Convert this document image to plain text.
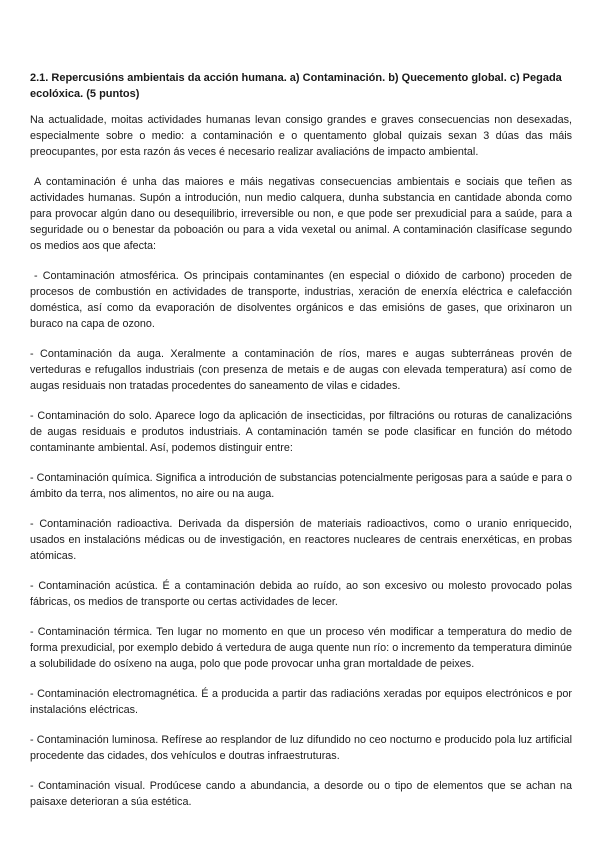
2.1. Repercusións ambientais da acción humana. a) Contaminación. b) Quecemento global. c) Pegada ecolóxica. (5 puntos)

Na actualidade, moitas actividades humanas levan consigo grandes e graves consecuencias non desexadas, especialmente sobre o medio: a contaminación e o quentamento global quizais sexan 3 dúas das máis preocupantes, por esta razón ás veces é necesario realizar avaliacións de impacto ambiental.

A contaminación é unha das maiores e máis negativas consecuencias ambientais e sociais que teñen as actividades humanas. Supón a introdución, nun medio calquera, dunha substancia en cantidade abonda como para provocar algún dano ou desequilibrio, irreversible ou non, e que pode ser prexudicial para a saúde, para a seguridade ou o benestar da poboación ou para a vida vexetal ou animal. A contaminación clasifícase segundo os medios aos que afecta:

- Contaminación atmosférica. Os principais contaminantes (en especial o dióxido de carbono) proceden de procesos de combustión en actividades de transporte, industrias, xeración de enerxía eléctrica e calefacción doméstica, así como da evaporación de disolventes orgánicos e das emisións de gases, que orixinaron un buraco na capa de ozono.

- Contaminación da auga. Xeralmente a contaminación de ríos, mares e augas subterráneas provén de verteduras e refugallos industriais (con presenza de metais e de augas con elevada temperatura) así como de augas residuais non tratadas procedentes do saneamento de vilas e cidades.

- Contaminación do solo. Aparece logo da aplicación de insecticidas, por filtracións ou roturas de canalizacións de augas residuais e produtos industriais. A contaminación tamén se pode clasificar en función do método contaminante ambiental. Así, podemos distinguir entre:

- Contaminación química. Significa a introdución de substancias potencialmente perigosas para a saúde e para o ámbito da terra, nos alimentos, no aire ou na auga.

- Contaminación radioactiva. Derivada da dispersión de materiais radioactivos, como o uranio enriquecido, usados en instalacións médicas ou de investigación, en reactores nucleares de centrais enerxéticas, en probas atómicas.

- Contaminación acústica. É a contaminación debida ao ruído, ao son excesivo ou molesto provocado polas fábricas, os medios de transporte ou certas actividades de lecer.

- Contaminación térmica. Ten lugar no momento en que un proceso vén modificar a temperatura do medio de forma prexudicial, por exemplo debido á vertedura de auga quente nun río: o incremento da temperatura diminúe a solubilidade do osíxeno na auga, polo que pode provocar unha gran mortaldade de peixes.

- Contaminación electromagnética. É a producida a partir das radiacións xeradas por equipos electrónicos e por instalacións eléctricas.

- Contaminación luminosa. Refírese ao resplandor de luz difundido no ceo nocturno e producido pola luz artificial procedente das cidades, dos vehículos e doutras infraestruturas.

- Contaminación visual. Prodúcese cando a abundancia, a desorde ou o tipo de elementos que se achan na paisaxe deterioran a súa estética.
